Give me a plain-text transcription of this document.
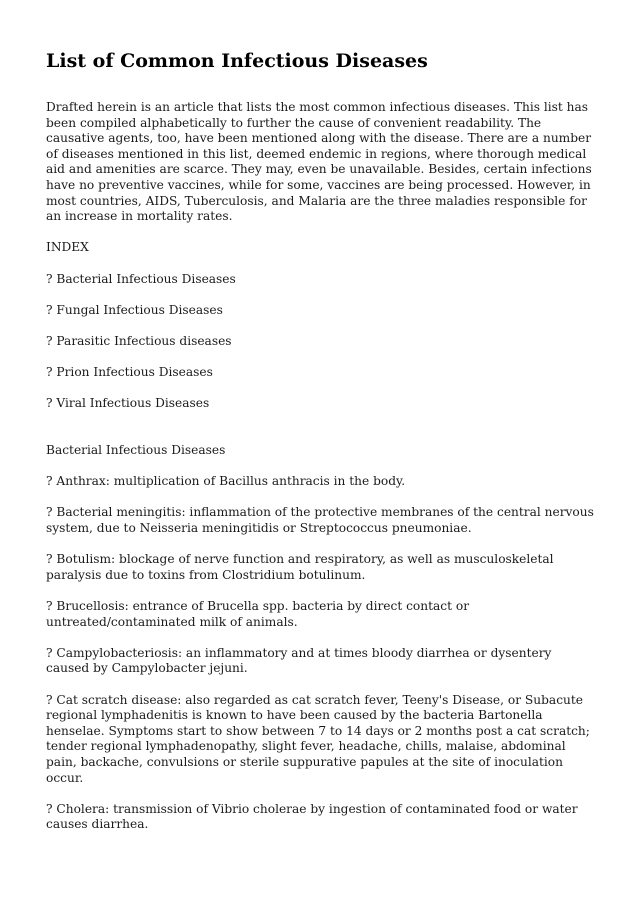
List of Common Infectious Diseases

Drafted herein is an article that lists the most common infectious diseases. This list has been compiled alphabetically to further the cause of convenient readability. The causative agents, too, have been mentioned along with the disease. There are a number of diseases mentioned in this list, deemed endemic in regions, where thorough medical aid and amenities are scarce. They may, even be unavailable. Besides, certain infections have no preventive vaccines, while for some, vaccines are being processed. However, in most countries, AIDS, Tuberculosis, and Malaria are the three maladies responsible for an increase in mortality rates.

INDEX

? Bacterial Infectious Diseases

? Fungal Infectious Diseases

? Parasitic Infectious diseases

? Prion Infectious Diseases

? Viral Infectious Diseases

Bacterial Infectious Diseases

? Anthrax: multiplication of Bacillus anthracis in the body.

? Bacterial meningitis: inflammation of the protective membranes of the central nervous system, due to Neisseria meningitidis or Streptococcus pneumoniae.

? Botulism: blockage of nerve function and respiratory, as well as musculoskeletal paralysis due to toxins from Clostridium botulinum.

? Brucellosis: entrance of Brucella spp. bacteria by direct contact or untreated/contaminated milk of animals.

? Campylobacteriosis: an inflammatory and at times bloody diarrhea or dysentery caused by Campylobacter jejuni.

? Cat scratch disease: also regarded as cat scratch fever, Teeny's Disease, or Subacute regional lymphadenitis is known to have been caused by the bacteria Bartonella henselae. Symptoms start to show between 7 to 14 days or 2 months post a cat scratch; tender regional lymphadenopathy, slight fever, headache, chills, malaise, abdominal pain, backache, convulsions or sterile suppurative papules at the site of inoculation occur.

? Cholera: transmission of Vibrio cholerae by ingestion of contaminated food or water causes diarrhea.
